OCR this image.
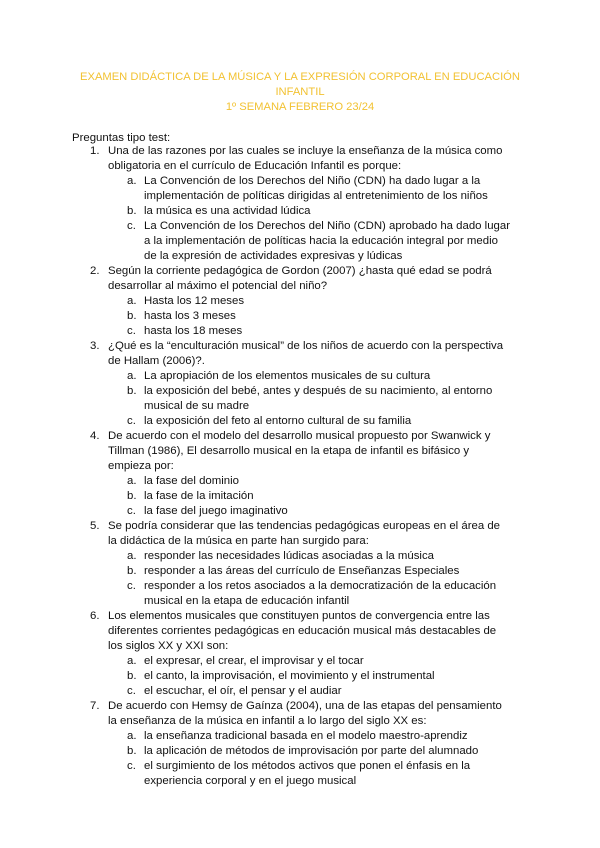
EXAMEN DIDÁCTICA DE LA MÚSICA Y LA EXPRESIÓN CORPORAL EN EDUCACIÓN
INFANTIL
1º SEMANA FEBRERO 23/24
Preguntas tipo test:
1. Una de las razones por las cuales se incluye la enseñanza de la música como obligatoria en el currículo de Educación Infantil es porque:
a. La Convención de los Derechos del Niño (CDN) ha dado lugar a la implementación de políticas dirigidas al entretenimiento de los niños
b. la música es una actividad lúdica
c. La Convención de los Derechos del Niño (CDN) aprobado ha dado lugar a la implementación de políticas hacia la educación integral por medio de la expresión de actividades expresivas y lúdicas
2. Según la corriente pedagógica de Gordon (2007) ¿hasta qué edad se podrá desarrollar al máximo el potencial del niño?
a. Hasta los 12 meses
b. hasta los 3 meses
c. hasta los 18 meses
3. ¿Qué es la “enculturación musical” de los niños de acuerdo con la perspectiva de Hallam (2006)?.
a. La apropiación de los elementos musicales de su cultura
b. la exposición del bebé, antes y después de su nacimiento, al entorno musical de su madre
c. la exposición del feto al entorno cultural de su familia
4. De acuerdo con el modelo del desarrollo musical propuesto por Swanwick y Tillman (1986), El desarrollo musical en la etapa de infantil es bifásico y empieza por:
a. la fase del dominio
b. la fase de la imitación
c. la fase del juego imaginativo
5. Se podría considerar que las tendencias pedagógicas europeas en el área de la didáctica de la música en parte han surgido para:
a. responder las necesidades lúdicas asociadas a la música
b. responder a las áreas del currículo de Enseñanzas Especiales
c. responder a los retos asociados a la democratización de la educación musical en la etapa de educación infantil
6. Los elementos musicales que constituyen puntos de convergencia entre las diferentes corrientes pedagógicas en educación musical más destacables de los siglos XX y XXI son:
a. el expresar, el crear, el improvisar y el tocar
b. el canto, la improvisación, el movimiento y el instrumental
c. el escuchar, el oír, el pensar y el audiar
7. De acuerdo con Hemsy de Gaínza (2004), una de las etapas del pensamiento la enseñanza de la música en infantil a lo largo del siglo XX es:
a. la enseñanza tradicional basada en el modelo maestro-aprendiz
b. la aplicación de métodos de improvisación por parte del alumnado
c. el surgimiento de los métodos activos que ponen el énfasis en la experiencia corporal y en el juego musical
